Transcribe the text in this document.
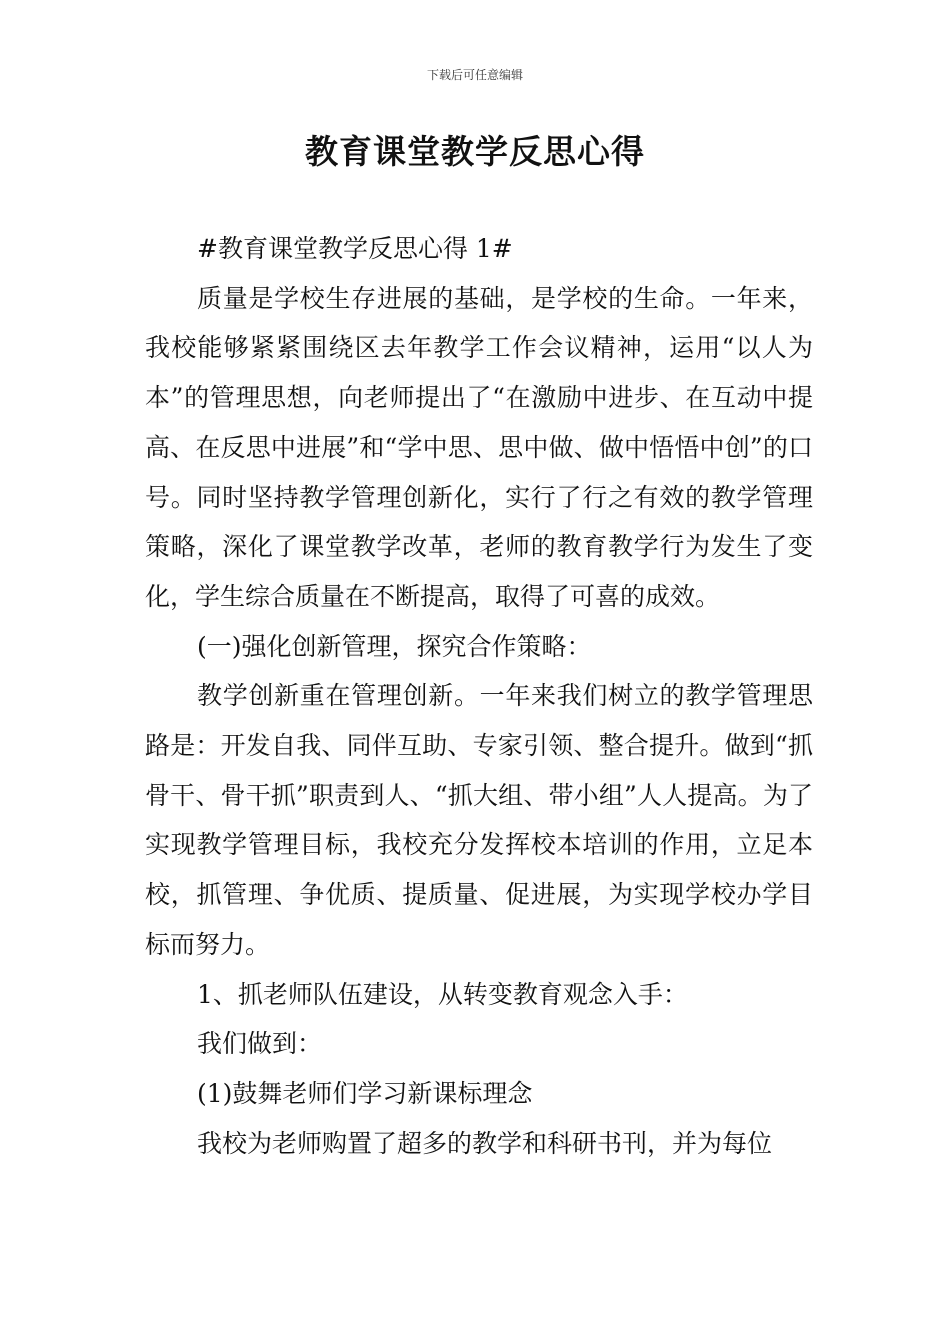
下载后可任意编辑
教育课堂教学反思心得

#教育课堂教学反思心得 1#

质量是学校生存进展的基础，是学校的生命。一年来，我校能够紧紧围绕区去年教学工作会议精神，运用“以人为本”的管理思想，向老师提出了“在激励中进步、在互动中提高、在反思中进展”和“学中思、思中做、做中悟悟中创”的口号。同时坚持教学管理创新化，实行了行之有效的教学管理策略，深化了课堂教学改革，老师的教育教学行为发生了变化，学生综合质量在不断提高，取得了可喜的成效。

(一)强化创新管理，探究合作策略：

教学创新重在管理创新。一年来我们树立的教学管理思路是：开发自我、同伴互助、专家引领、整合提升。做到“抓骨干、骨干抓”职责到人、“抓大组、带小组”人人提高。为了实现教学管理目标，我校充分发挥校本培训的作用，立足本校，抓管理、争优质、提质量、促进展，为实现学校办学目标而努力。

1、抓老师队伍建设，从转变教育观念入手：

我们做到：

(1)鼓舞老师们学习新课标理念

我校为老师购置了超多的教学和科研书刊，并为每位
